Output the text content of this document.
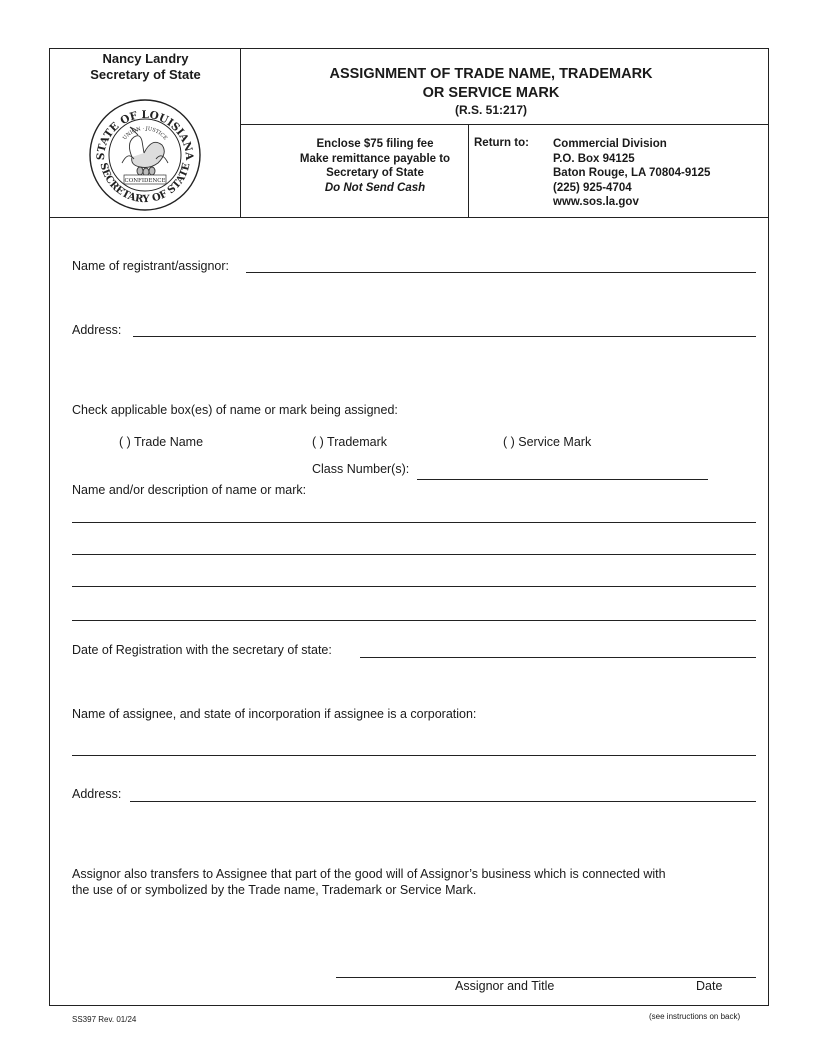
Nancy Landry
Secretary of State
STATE OF LOUISIANA
SECRETARY OF STATE
UNION · JUSTICE
CONFIDENCE
ASSIGNMENT OF TRADE NAME, TRADEMARK
OR SERVICE MARK
(R.S. 51:217)
Enclose $75 filing fee
Make remittance payable to
Secretary of State
Do Not Send Cash
Return to: Commercial Division
P.O. Box 94125
Baton Rouge, LA 70804-9125
(225) 925-4704
www.sos.la.gov
Name of registrant/assignor:
Address:
Check applicable box(es) of name or mark being assigned:
( ) Trade Name	( ) Trademark	( ) Service Mark
Class Number(s):
Name and/or description of name or mark:
Date of Registration with the secretary of state:
Name of assignee, and state of incorporation if assignee is a corporation:
Address:
Assignor also transfers to Assignee that part of the good will of Assignor’s business which is connected with
the use of or symbolized by the Trade name, Trademark or Service Mark.
Assignor and Title	Date
SS397 Rev. 01/24	(see instructions on back)
